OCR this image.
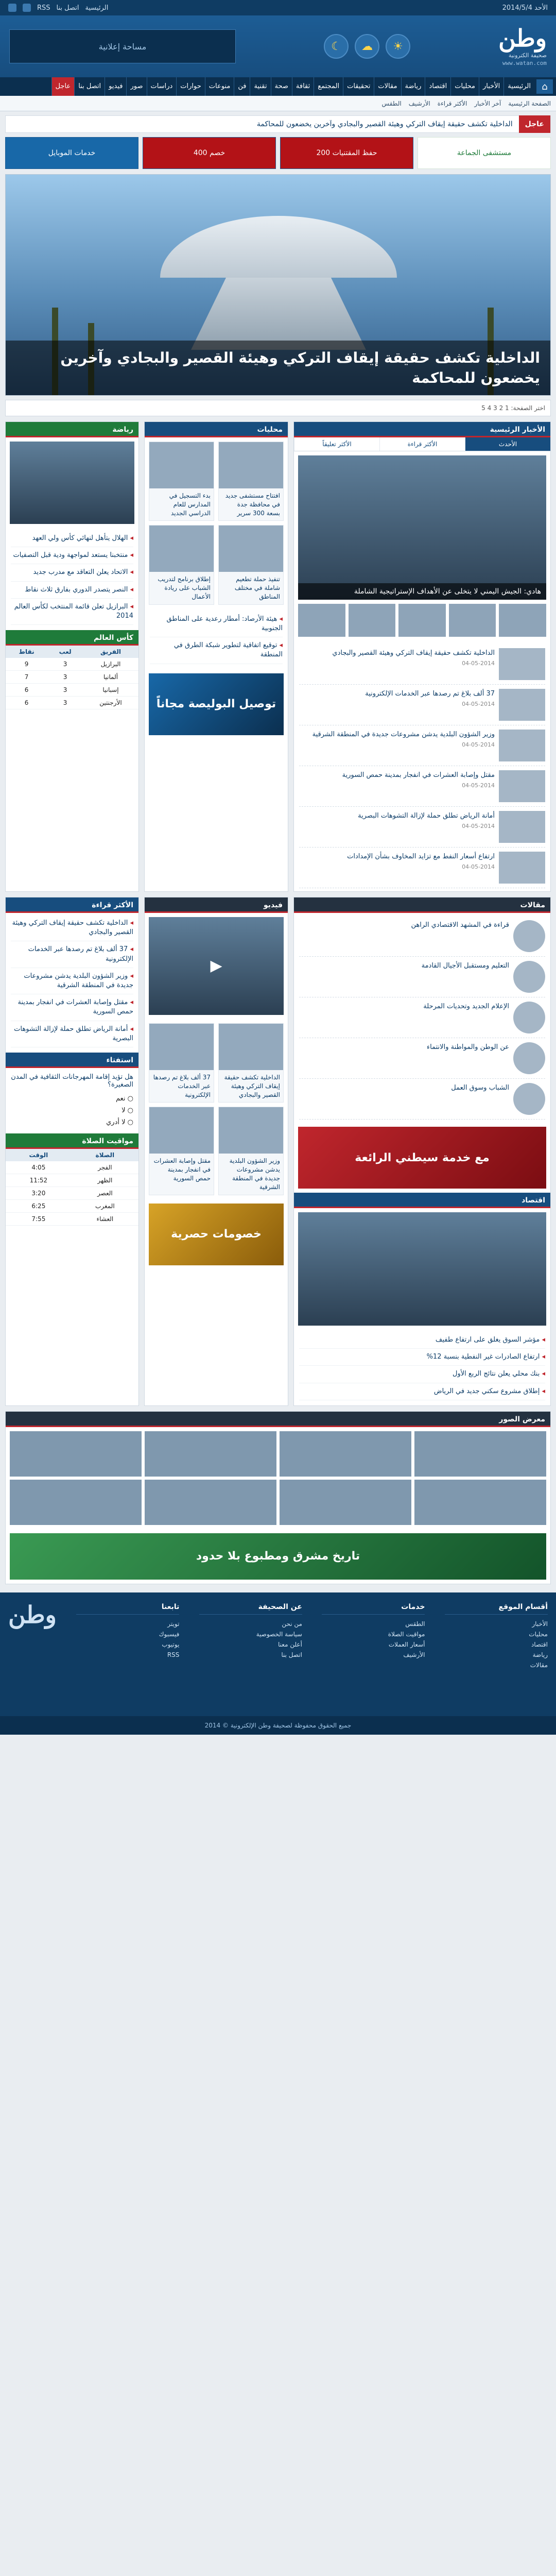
الأحد 2014/5/4
الرئيسية
اتصل بنا
RSS
وطن
صحيفة الكترونية
www.watan.com
☀
☁
☾
مساحة إعلانية
⌂
الرئيسية
الأخبار
محليات
اقتصاد
رياضة
مقالات
تحقيقات
المجتمع
ثقافة
صحة
تقنية
فن
منوعات
حوارات
دراسات
صور
فيديو
اتصل بنا
عاجل
الصفحة الرئيسية
آخر الأخبار
الأكثر قراءة
الأرشيف
الطقس
عاجل
الداخلية تكشف حقيقة إيقاف التركي وهيئة القصير والبجادي وآخرين يخضعون للمحاكمة
مستشفى الجماعة
حفظ المقتنيات 200
خصم 400
خدمات الموبايل
الداخلية تكشف حقيقة إيقاف التركي وهيئة القصير والبجادي وآخرين يخضعون للمحاكمة
اختر الصفحة: 1 2 3 4 5
الأخبار الرئيسية
الأحدث
الأكثر قراءة
الأكثر تعليقاً
هادي: الجيش اليمني لا يتخلى عن الأهداف الإستراتيجية الشاملة
الداخلية تكشف حقيقة إيقاف التركي وهيئة القصير والبجادي
04-05-2014
37 ألف بلاغ تم رصدها عبر الخدمات الإلكترونية
04-05-2014
وزير الشؤون البلدية يدشن مشروعات جديدة في المنطقة الشرقية
04-05-2014
مقتل وإصابة العشرات في انفجار بمدينة حمص السورية
04-05-2014
أمانة الرياض تطلق حملة لإزالة التشوهات البصرية
04-05-2014
ارتفاع أسعار النفط مع تزايد المخاوف بشأن الإمدادات
04-05-2014
محليات
افتتاح مستشفى جديد في محافظة جدة بسعة 300 سرير
بدء التسجيل في المدارس للعام الدراسي الجديد
تنفيذ حملة تطعيم شاملة في مختلف المناطق
إطلاق برنامج لتدريب الشباب على ريادة الأعمال
◂ هيئة الأرصاد: أمطار رعدية على المناطق الجنوبية
◂ توقيع اتفاقية لتطوير شبكة الطرق في المنطقة
توصيل البوليصة مجاناً
رياضة
◂ الهلال يتأهل لنهائي كأس ولي العهد
◂ منتخبنا يستعد لمواجهة ودية قبل التصفيات
◂ الاتحاد يعلن التعاقد مع مدرب جديد
◂ النصر يتصدر الدوري بفارق ثلاث نقاط
◂ البرازيل تعلن قائمة المنتخب لكأس العالم 2014
كأس العالم
الفريق	لعب	نقاط
البرازيل	3	9
ألمانيا	3	7
إسبانيا	3	6
الأرجنتين	3	6
مقالات
قراءة في المشهد الاقتصادي الراهن
التعليم ومستقبل الأجيال القادمة
الإعلام الجديد وتحديات المرحلة
عن الوطن والمواطنة والانتماء
الشباب وسوق العمل
مع خدمة سيطني الرائعة
اقتصاد
◂ مؤشر السوق يغلق على ارتفاع طفيف
◂ ارتفاع الصادرات غير النفطية بنسبة 12%
◂ بنك محلي يعلن نتائج الربع الأول
◂ إطلاق مشروع سكني جديد في الرياض
فيديو
▶
الداخلية تكشف حقيقة إيقاف التركي وهيئة القصير والبجادي
37 ألف بلاغ تم رصدها عبر الخدمات الإلكترونية
وزير الشؤون البلدية يدشن مشروعات جديدة في المنطقة الشرقية
مقتل وإصابة العشرات في انفجار بمدينة حمص السورية
خصومات حصرية
الأكثر قراءة
◂ الداخلية تكشف حقيقة إيقاف التركي وهيئة القصير والبجادي
◂ 37 ألف بلاغ تم رصدها عبر الخدمات الإلكترونية
◂ وزير الشؤون البلدية يدشن مشروعات جديدة في المنطقة الشرقية
◂ مقتل وإصابة العشرات في انفجار بمدينة حمص السورية
◂ أمانة الرياض تطلق حملة لإزالة التشوهات البصرية
استفتاء
هل تؤيد إقامة المهرجانات الثقافية في المدن الصغيرة؟
○ نعم
○ لا
○ لا أدري
مواقيت الصلاة
الصلاة	الوقت
الفجر	4:05
الظهر	11:52
العصر	3:20
المغرب	6:25
العشاء	7:55
معرض الصور
تاريخ مشرق ومطبوع بلا حدود
أقسام الموقع
الأخبار
محليات
اقتصاد
رياضة
مقالات
خدمات
الطقس
مواقيت الصلاة
أسعار العملات
الأرشيف
عن الصحيفة
من نحن
سياسة الخصوصية
أعلن معنا
اتصل بنا
تابعنا
تويتر
فيسبوك
يوتيوب
RSS
وطن
جميع الحقوق محفوظة لصحيفة وطن الإلكترونية © 2014
